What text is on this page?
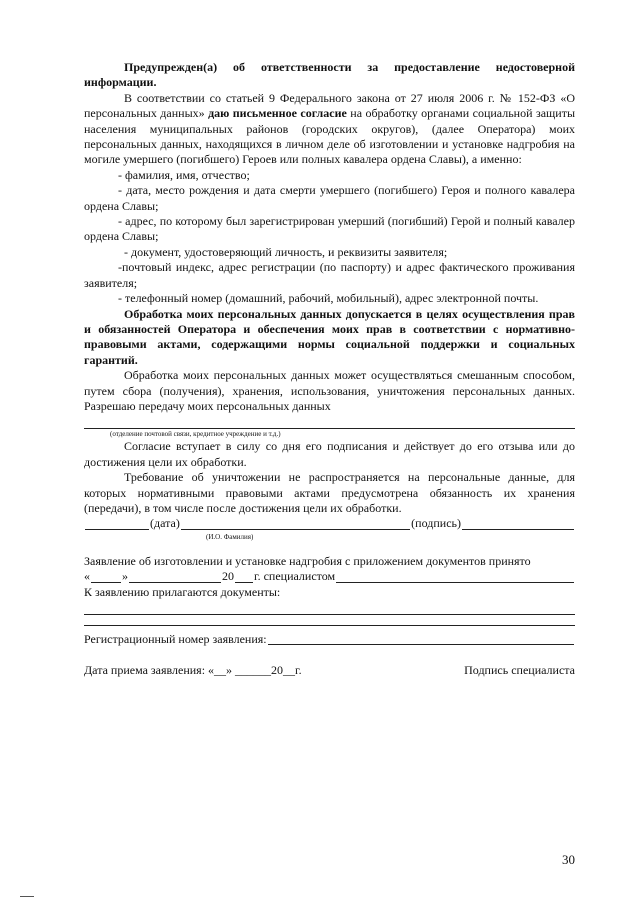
Предупрежден(а) об ответственности за предоставление недостоверной информации.

В соответствии со статьей 9 Федерального закона от 27 июля 2006 г. № 152-ФЗ «О персональных данных» даю письменное согласие на обработку органами социальной защиты населения муниципальных районов (городских округов), (далее Оператора) моих персональных данных, находящихся в личном деле об изготовлении и установке надгробия на могиле умершего (погибшего) Героев или полных кавалера ордена Славы), а именно:

- фамилия, имя, отчество;

- дата, место рождения и дата смерти умершего (погибшего) Героя и полного кавалера ордена Славы;

- адрес, по которому был зарегистрирован умерший (погибший) Герой и полный кавалер ордена Славы;

- документ, удостоверяющий личность, и реквизиты заявителя;

-почтовый индекс, адрес регистрации (по паспорту) и адрес фактического проживания заявителя;

- телефонный номер (домашний, рабочий, мобильный), адрес электронной почты.

Обработка моих персональных данных допускается в целях осуществления прав и обязанностей Оператора и обеспечения моих прав в соответствии с нормативно-правовыми актами, содержащими нормы социальной поддержки и социальных гарантий.

Обработка моих персональных данных может осуществляться смешанным способом, путем сбора (получения), хранения, использования, уничтожения персональных данных. Разрешаю передачу моих персональных данных

(отделение почтовой связи, кредитное учреждение и т.д.)

Согласие вступает в силу со дня его подписания и действует до его отзыва или до достижения цели их обработки.

Требование об уничтожении не распространяется на персональные данные, для которых нормативными правовыми актами предусмотрена обязанность их хранения (передачи), в том числе после достижения цели их обработки.

(дата)	(подпись)

(И.О. Фамилия)

Заявление об изготовлении и установке надгробия с приложением документов принято

«	»	20 г. специалистом

К заявлению прилагаются документы:

Регистрационный номер заявления:
Дата приема заявления: «__» ______20__г.	Подпись специалиста
30
